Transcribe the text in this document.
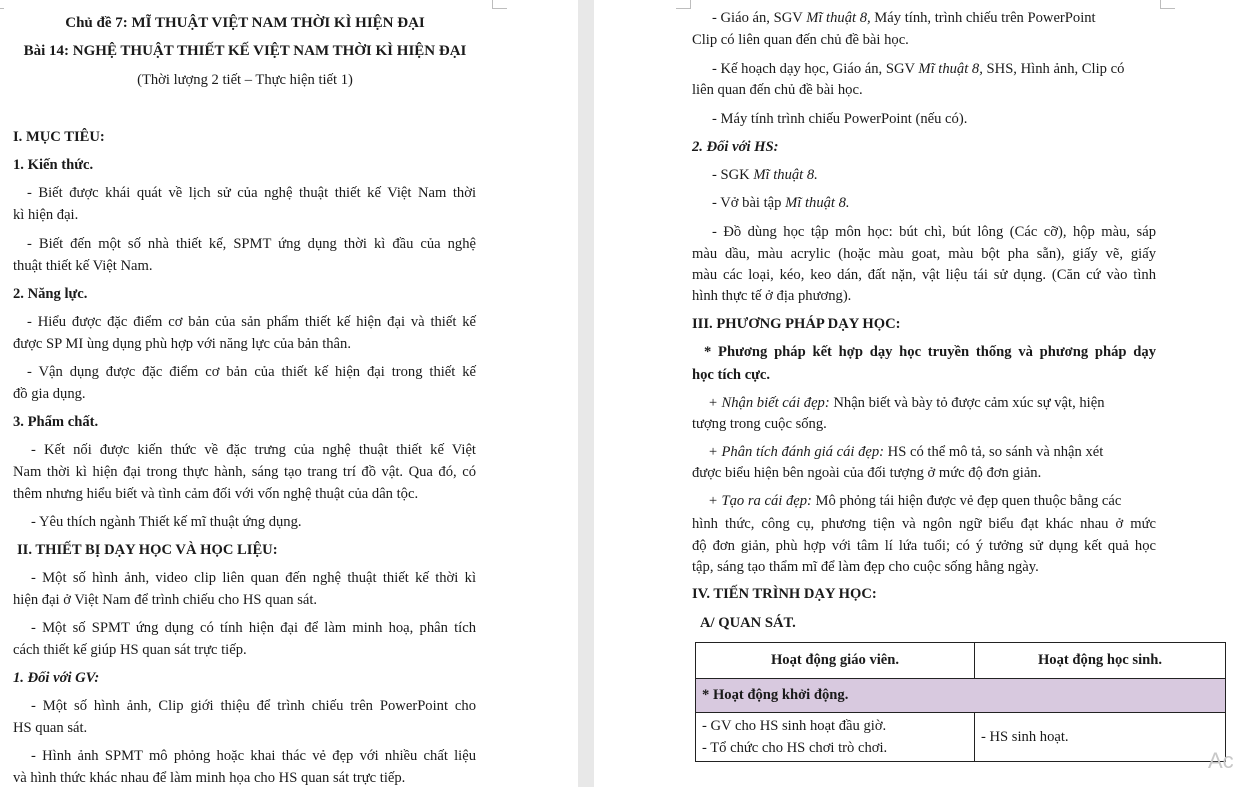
Chủ đề 7: MĨ THUẬT VIỆT NAM THỜI KÌ HIỆN ĐẠI
Bài 14: NGHỆ THUẬT THIẾT KẾ VIỆT NAM THỜI KÌ HIỆN ĐẠI
(Thời lượng 2 tiết – Thực hiện tiết 1)
I. MỤC TIÊU:
1. Kiến thức.
- Biết được khái quát về lịch sử của nghệ thuật thiết kế Việt Nam thời
kì hiện đại.
- Biết đến một số nhà thiết kế, SPMT ứng dụng thời kì đầu của nghệ
thuật thiết kế Việt Nam.
2. Năng lực.
- Hiểu được đặc điểm cơ bản của sản phẩm thiết kế hiện đại và thiết kế
được SP MI ùng dụng phù hợp với năng lực của bản thân.
- Vận dụng được đặc điểm cơ bản của thiết kế hiện đại trong thiết kế
đồ gia dụng.
3. Phẩm chất.
- Kết nối được kiến thức về đặc trưng của nghệ thuật thiết kế Việt
Nam thời kì hiện đại trong thực hành, sáng tạo trang trí đồ vật. Qua đó, có
thêm nhưng hiểu biết và tình cảm đối với vốn nghệ thuật của dân tộc.
- Yêu thích ngành Thiết kế mĩ thuật ứng dụng.
II. THIẾT BỊ DẠY HỌC VÀ HỌC LIỆU:
- Một số hình ảnh, video clip liên quan đến nghệ thuật thiết kế thời kì
hiện đại ở Việt Nam để trình chiếu cho HS quan sát.
- Một số SPMT ứng dụng có tính hiện đại để làm minh hoạ, phân tích
cách thiết kế giúp HS quan sát trực tiếp.
1. Đối với GV:
- Một số hình ảnh, Clip giới thiệu để trình chiếu trên PowerPoint cho
HS quan sát.
- Hình ảnh SPMT mô phỏng hoặc khai thác vẻ đẹp với nhiều chất liệu
và hình thức khác nhau để làm minh họa cho HS quan sát trực tiếp.
- Giáo án, SGV Mĩ thuật 8, Máy tính, trình chiếu trên PowerPoint
Clip có liên quan đến chủ đề bài học.
- Kế hoạch dạy học, Giáo án, SGV Mĩ thuật 8, SHS, Hình ảnh, Clip có
liên quan đến chủ đề bài học.
- Máy tính trình chiếu PowerPoint (nếu có).
2. Đối với HS:
- SGK Mĩ thuật 8.
- Vở bài tập Mĩ thuật 8.
- Đồ dùng học tập môn học: bút chì, bút lông (Các cỡ), hộp màu, sáp
màu dầu, màu acrylic (hoặc màu goat, màu bột pha sẵn), giấy vẽ, giấy
màu các loại, kéo, keo dán, đất nặn, vật liệu tái sử dụng. (Căn cứ vào tình
hình thực tế ở địa phương).
III. PHƯƠNG PHÁP DẠY HỌC:
* Phương pháp kết hợp dạy học truyền thống và phương pháp dạy
học tích cực.
+ Nhận biết cái đẹp: Nhận biết và bày tỏ được cảm xúc sự vật, hiện
tượng trong cuộc sống.
+ Phân tích đánh giá cái đẹp: HS có thể mô tả, so sánh và nhận xét
được biểu hiện bên ngoài của đối tượng ở mức độ đơn giản.
+ Tạo ra cái đẹp: Mô phỏng tái hiện được vẻ đẹp quen thuộc bằng các
hình thức, công cụ, phương tiện và ngôn ngữ biểu đạt khác nhau ở mức
độ đơn giản, phù hợp với tâm lí lứa tuổi; có ý tưởng sử dụng kết quả học
tập, sáng tạo thẩm mĩ để làm đẹp cho cuộc sống hằng ngày.
IV. TIẾN TRÌNH DẠY HỌC:
A/ QUAN SÁT.
Hoạt động giáo viên.	Hoạt động học sinh.
* Hoạt động khởi động.	

- GV cho HS sinh hoạt đầu giờ.
- Tổ chức cho HS chơi trò chơi.	- HS sinh hoạt.
Ac
